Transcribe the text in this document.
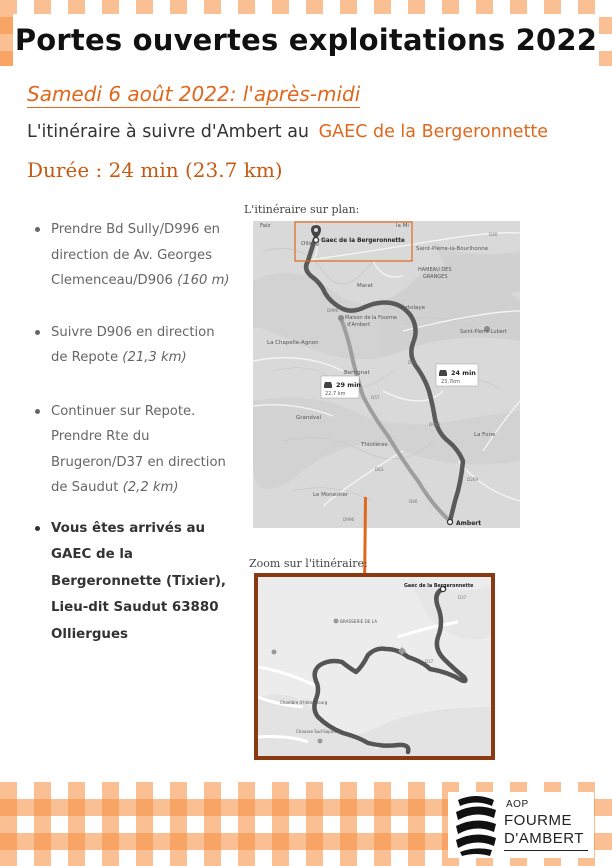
Portes ouvertes exploitations 2022
Samedi 6 août 2022: l'après-midi
L'itinéraire à suivre d'Ambert au GAEC de la Bergeronnette
Durée : 24 min (23.7 km)
Prendre Bd Sully/D996 en direction de Av. Georges Clemenceau/D906 (160 m)
Suivre D906 en direction de Repote (21,3 km)
Continuer sur Repote. Prendre Rte du Brugeron/D37 en direction de Saudut (2,2 km)
Vous êtes arrivés au GAEC de la Bergeronnette (Tixier), Lieu-dit Saudut 63880 Olliergues
L'itinéraire sur plan:
29 min
22,7 km
24 min
23,7km
Gaec de la Bergeronnette
Ollierg
Faiz	la Mi
Saint-Pierre-la-Bourlhonne
HAMEAU DES
GRANGES
Marat
Vertolaye
Saint-Pierre-Lubert
Maison de la Fourme
d'Ambert
La Chapelle-Agnon
Bertignat
Grandval
Thiolières
Le Monestier
La Fone
Ambert
D40
D67
D996
D906
D57
D269
D63
D66
D996
Zoom sur l'itinéraire:
Gaec de la Bergeronnette
BRASSERIE DE LA
D37
D37
Chambre d'hôtes Bourg
Chausse Sud-Sapins
AOP
FOURME
D'AMBERT
